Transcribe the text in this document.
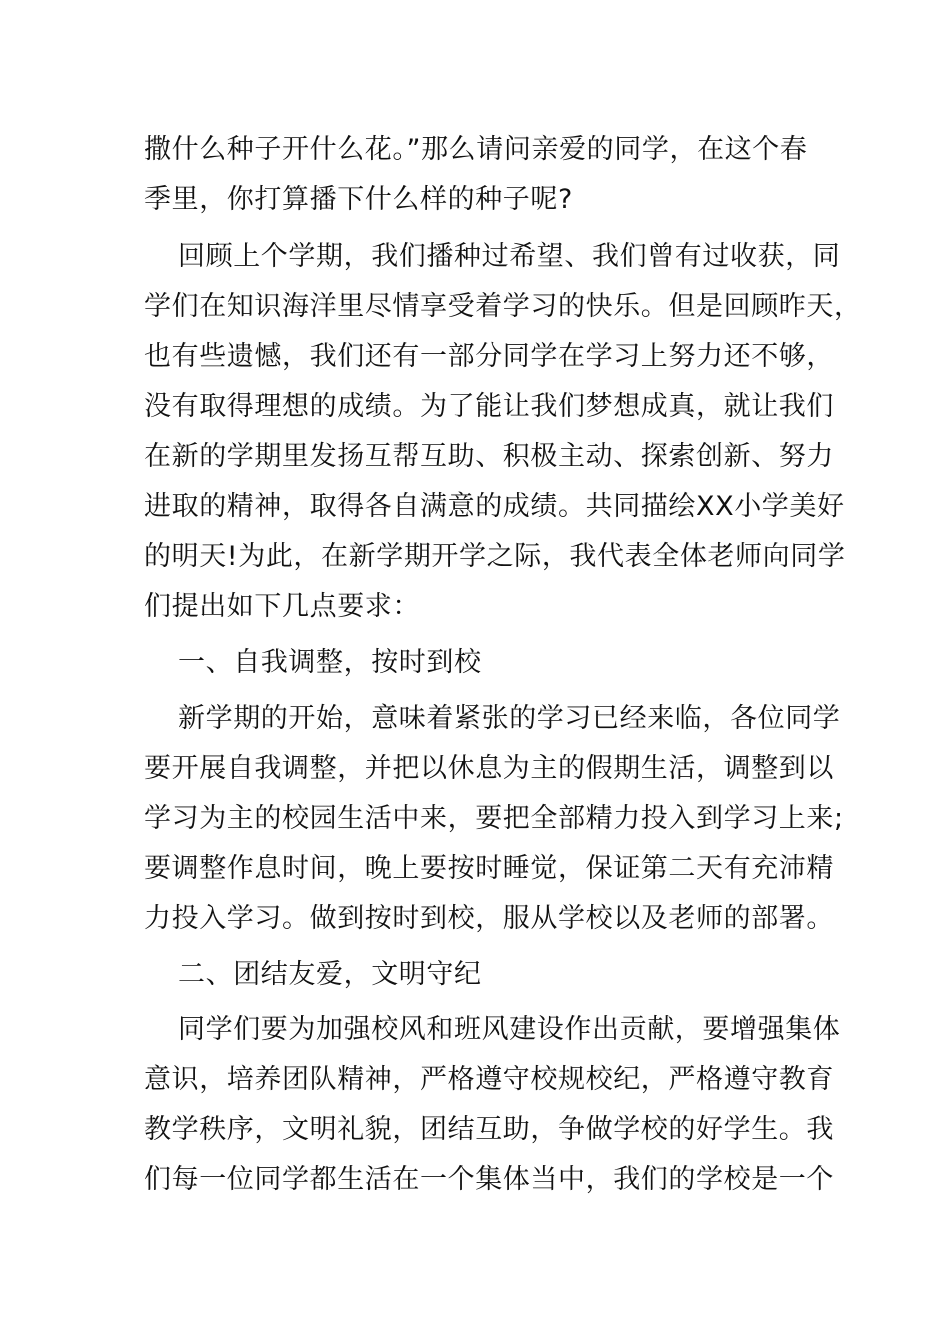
撒什么种子开什么花。”那么请问亲爱的同学，在这个春
季里，你打算播下什么样的种子呢?
回顾上个学期，我们播种过希望、我们曾有过收获，同
学们在知识海洋里尽情享受着学习的快乐。但是回顾昨天，
也有些遗憾，我们还有一部分同学在学习上努力还不够，
没有取得理想的成绩。为了能让我们梦想成真，就让我们
在新的学期里发扬互帮互助、积极主动、探索创新、努力
进取的精神，取得各自满意的成绩。共同描绘XX小学美好
的明天!为此，在新学期开学之际，我代表全体老师向同学
们提出如下几点要求：
一、自我调整，按时到校
新学期的开始，意味着紧张的学习已经来临，各位同学
要开展自我调整，并把以休息为主的假期生活，调整到以
学习为主的校园生活中来，要把全部精力投入到学习上来;
要调整作息时间，晚上要按时睡觉，保证第二天有充沛精
力投入学习。做到按时到校，服从学校以及老师的部署。
二、团结友爱，文明守纪
同学们要为加强校风和班风建设作出贡献，要增强集体
意识，培养团队精神，严格遵守校规校纪，严格遵守教育
教学秩序，文明礼貌，团结互助，争做学校的好学生。我
们每一位同学都生活在一个集体当中，我们的学校是一个
